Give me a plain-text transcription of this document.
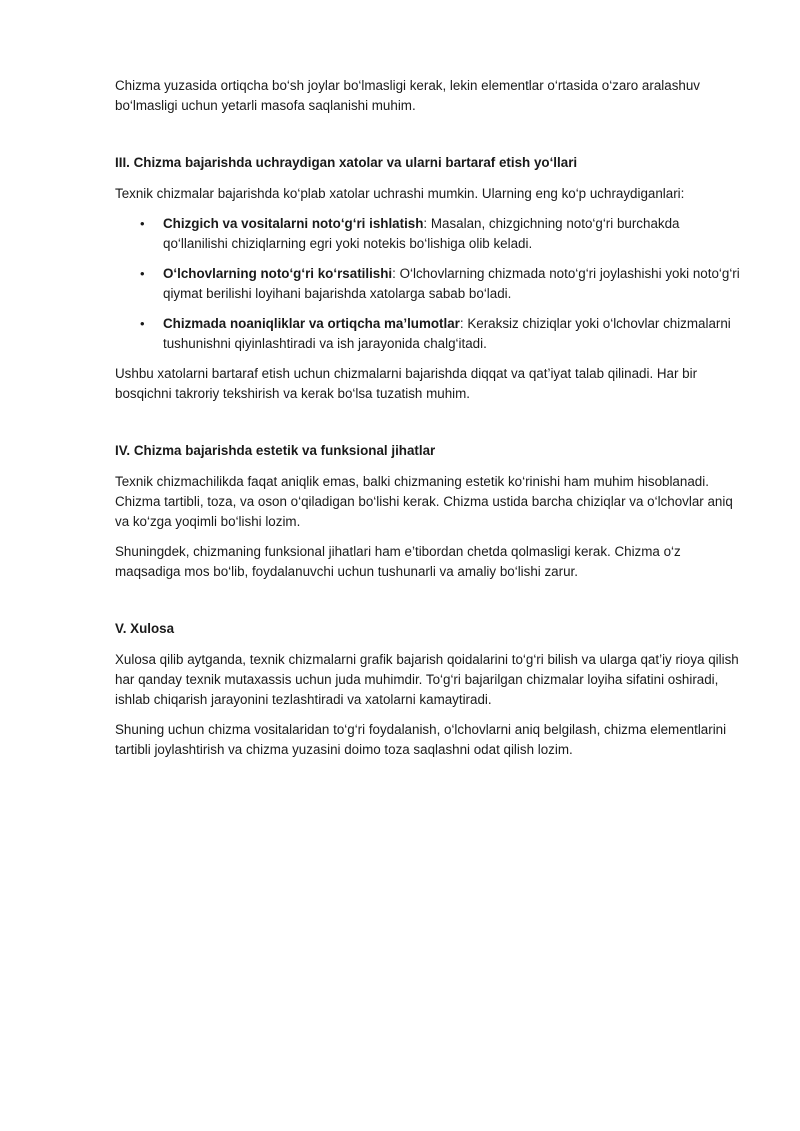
Chizma yuzasida ortiqcha bo‘sh joylar bo‘lmasligi kerak, lekin elementlar o‘rtasida o‘zaro aralashuv bo‘lmasligi uchun yetarli masofa saqlanishi muhim.

III. Chizma bajarishda uchraydigan xatolar va ularni bartaraf etish yo‘llari

Texnik chizmalar bajarishda ko‘plab xatolar uchrashi mumkin. Ularning eng ko‘p uchraydiganlari:

• Chizgich va vositalarni noto‘g‘ri ishlatish: Masalan, chizgichning noto‘g‘ri burchakda qo‘llanilishi chiziqlarning egri yoki notekis bo‘lishiga olib keladi.
• O‘lchovlarning noto‘g‘ri ko‘rsatilishi: O‘lchovlarning chizmada noto‘g‘ri joylashishi yoki noto‘g‘ri qiymat berilishi loyihani bajarishda xatolarga sabab bo‘ladi.
• Chizmada noaniqliklar va ortiqcha ma’lumotlar: Keraksiz chiziqlar yoki o‘lchovlar chizmalarni tushunishni qiyinlashtiradi va ish jarayonida chalg‘itadi.

Ushbu xatolarni bartaraf etish uchun chizmalarni bajarishda diqqat va qat’iyat talab qilinadi. Har bir bosqichni takroriy tekshirish va kerak bo‘lsa tuzatish muhim.

IV. Chizma bajarishda estetik va funksional jihatlar

Texnik chizmachilikda faqat aniqlik emas, balki chizmaning estetik ko‘rinishi ham muhim hisoblanadi. Chizma tartibli, toza, va oson o‘qiladigan bo‘lishi kerak. Chizma ustida barcha chiziqlar va o‘lchovlar aniq va ko‘zga yoqimli bo‘lishi lozim.

Shuningdek, chizmaning funksional jihatlari ham e’tibordan chetda qolmasligi kerak. Chizma o‘z maqsadiga mos bo‘lib, foydalanuvchi uchun tushunarli va amaliy bo‘lishi zarur.

V. Xulosa

Xulosa qilib aytganda, texnik chizmalarni grafik bajarish qoidalarini to‘g‘ri bilish va ularga qat’iy rioya qilish har qanday texnik mutaxassis uchun juda muhimdir. To‘g‘ri bajarilgan chizmalar loyiha sifatini oshiradi, ishlab chiqarish jarayonini tezlashtiradi va xatolarni kamaytiradi.

Shuning uchun chizma vositalaridan to‘g‘ri foydalanish, o‘lchovlarni aniq belgilash, chizma elementlarini tartibli joylashtirish va chizma yuzasini doimo toza saqlashni odat qilish lozim.
